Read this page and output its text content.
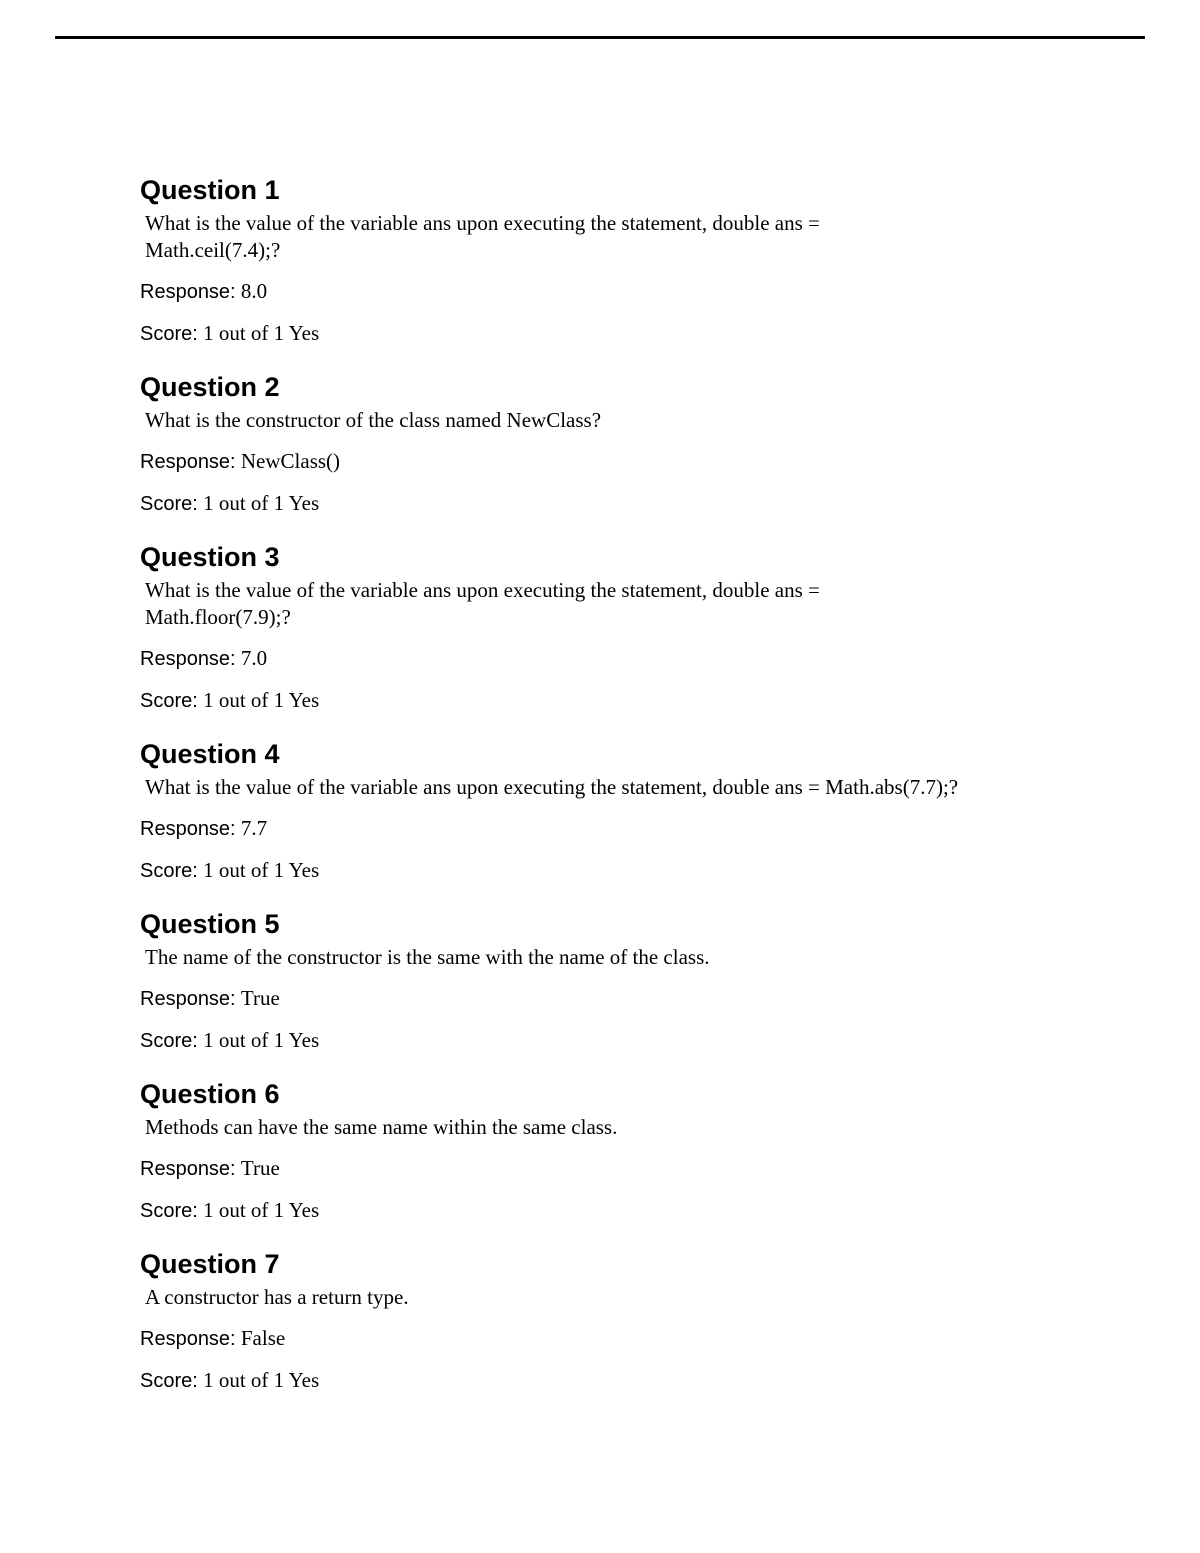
Question 1
What is the value of the variable ans upon executing the statement, double ans =
Math.ceil(7.4);?
Response: 8.0
Score: 1 out of 1 Yes
Question 2
What is the constructor of the class named NewClass?
Response: NewClass()
Score: 1 out of 1 Yes
Question 3
What is the value of the variable ans upon executing the statement, double ans =
Math.floor(7.9);?
Response: 7.0
Score: 1 out of 1 Yes
Question 4
What is the value of the variable ans upon executing the statement, double ans = Math.abs(7.7);?
Response: 7.7
Score: 1 out of 1 Yes
Question 5
The name of the constructor is the same with the name of the class.
Response: True
Score: 1 out of 1 Yes
Question 6
Methods can have the same name within the same class.
Response: True
Score: 1 out of 1 Yes
Question 7
A constructor has a return type.
Response: False
Score: 1 out of 1 Yes
